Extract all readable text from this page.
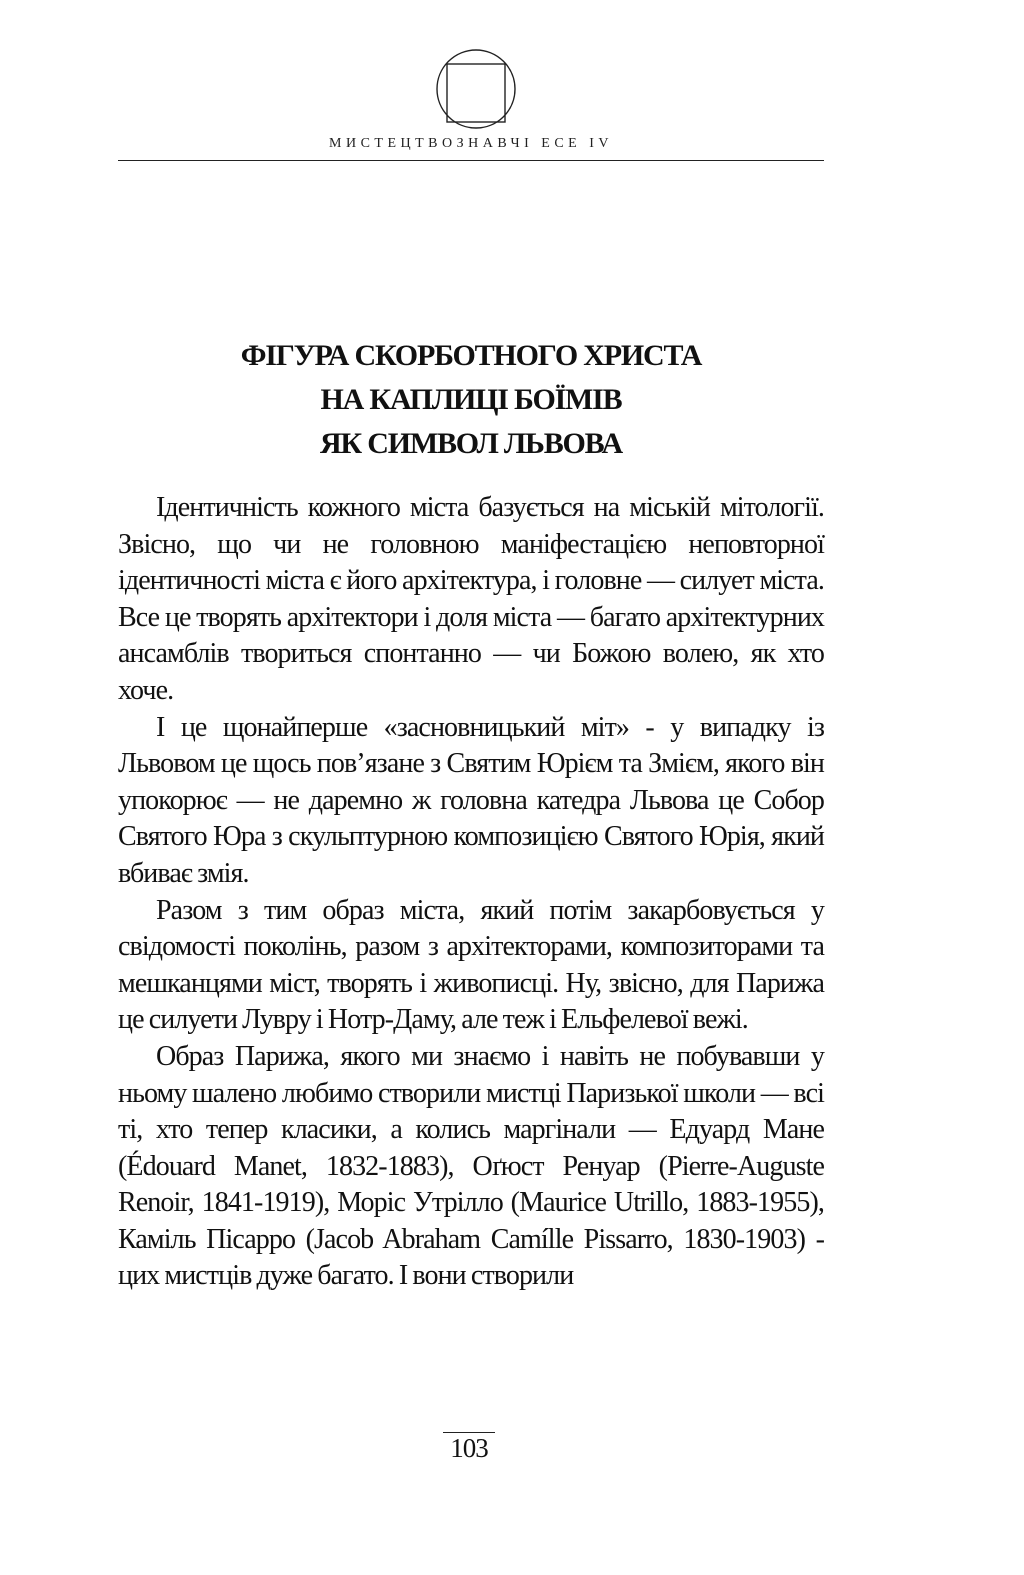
МИСТЕЦТВОЗНАВЧІ ЕСЕ IV
ФІГУРА СКОРБОТНОГО ХРИСТА
НА КАПЛИЦІ БОЇМІВ
ЯК СИМВОЛ ЛЬВОВА

Ідентичність кожного міста базується на міській мітології. Звісно, що чи не головною маніфестацією неповторної ідентичності міста є його архітектура, і головне — силует міста. Все це творять архітектори і доля міста — багато архітектурних ансамблів твориться спонтанно — чи Божою волею, як хто хоче.

І це щонайперше «засновницький міт» - у випадку із Львовом це щось пов’язане з Святим Юрієм та Змієм, якого він упокорює — не даремно ж головна катедра Львова це Собор Святого Юра з скульптурною композицією Святого Юрія, який вбиває змія.

Разом з тим образ міста, який потім закарбовується у свідомості поколінь, разом з архітекторами, композиторами та мешканцями міст, творять і живописці. Ну, звісно, для Парижа це силуети Лувру і Нотр-Даму, але теж і Ельфелевої вежі.

Образ Парижа, якого ми знаємо і навіть не побувавши у ньому шалено любимо створили мистці Паризької школи — всі ті, хто тепер класики, а колись маргінали — Едуард Мане (Édouard Manet, 1832-1883), Оґюст Ренуар (Pierre-Auguste Renoir, 1841-1919), Моріс Утрілло (Maurice Utrillo, 1883-1955), Каміль Пісарро (Jacob Abraham Camílle Pissarro, 1830-1903) - цих мистців дуже багато. І вони створили

103
